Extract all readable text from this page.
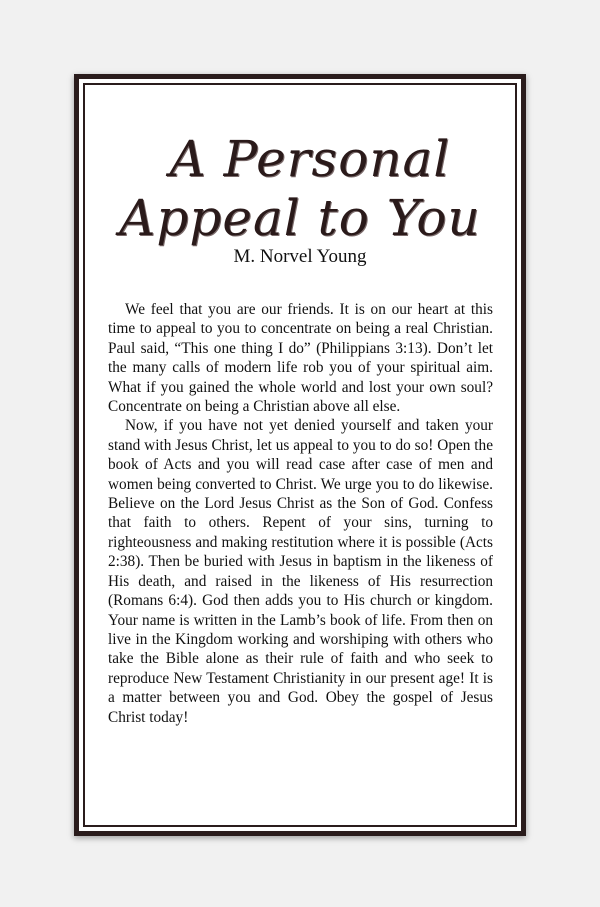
A Personal
Appeal to You
M. Norvel Young

We feel that you are our friends. It is on our heart at this time to appeal to you to concentrate on being a real Christian. Paul said, “This one thing I do” (Philippians 3:13). Don’t let the many calls of modern life rob you of your spiritual aim. What if you gained the whole world and lost your own soul? Concentrate on being a Christian above all else.

Now, if you have not yet denied yourself and taken your stand with Jesus Christ, let us appeal to you to do so! Open the book of Acts and you will read case after case of men and women being converted to Christ. We urge you to do likewise. Believe on the Lord Jesus Christ as the Son of God. Confess that faith to others. Repent of your sins, turning to righteousness and making restitution where it is possible (Acts 2:38). Then be buried with Jesus in baptism in the likeness of His death, and raised in the likeness of His resurrection (Romans 6:4). God then adds you to His church or kingdom. Your name is written in the Lamb’s book of life. From then on live in the Kingdom working and worshiping with others who take the Bible alone as their rule of faith and who seek to reproduce New Testament Christianity in our present age! It is a matter between you and God. Obey the gospel of Jesus Christ today!
